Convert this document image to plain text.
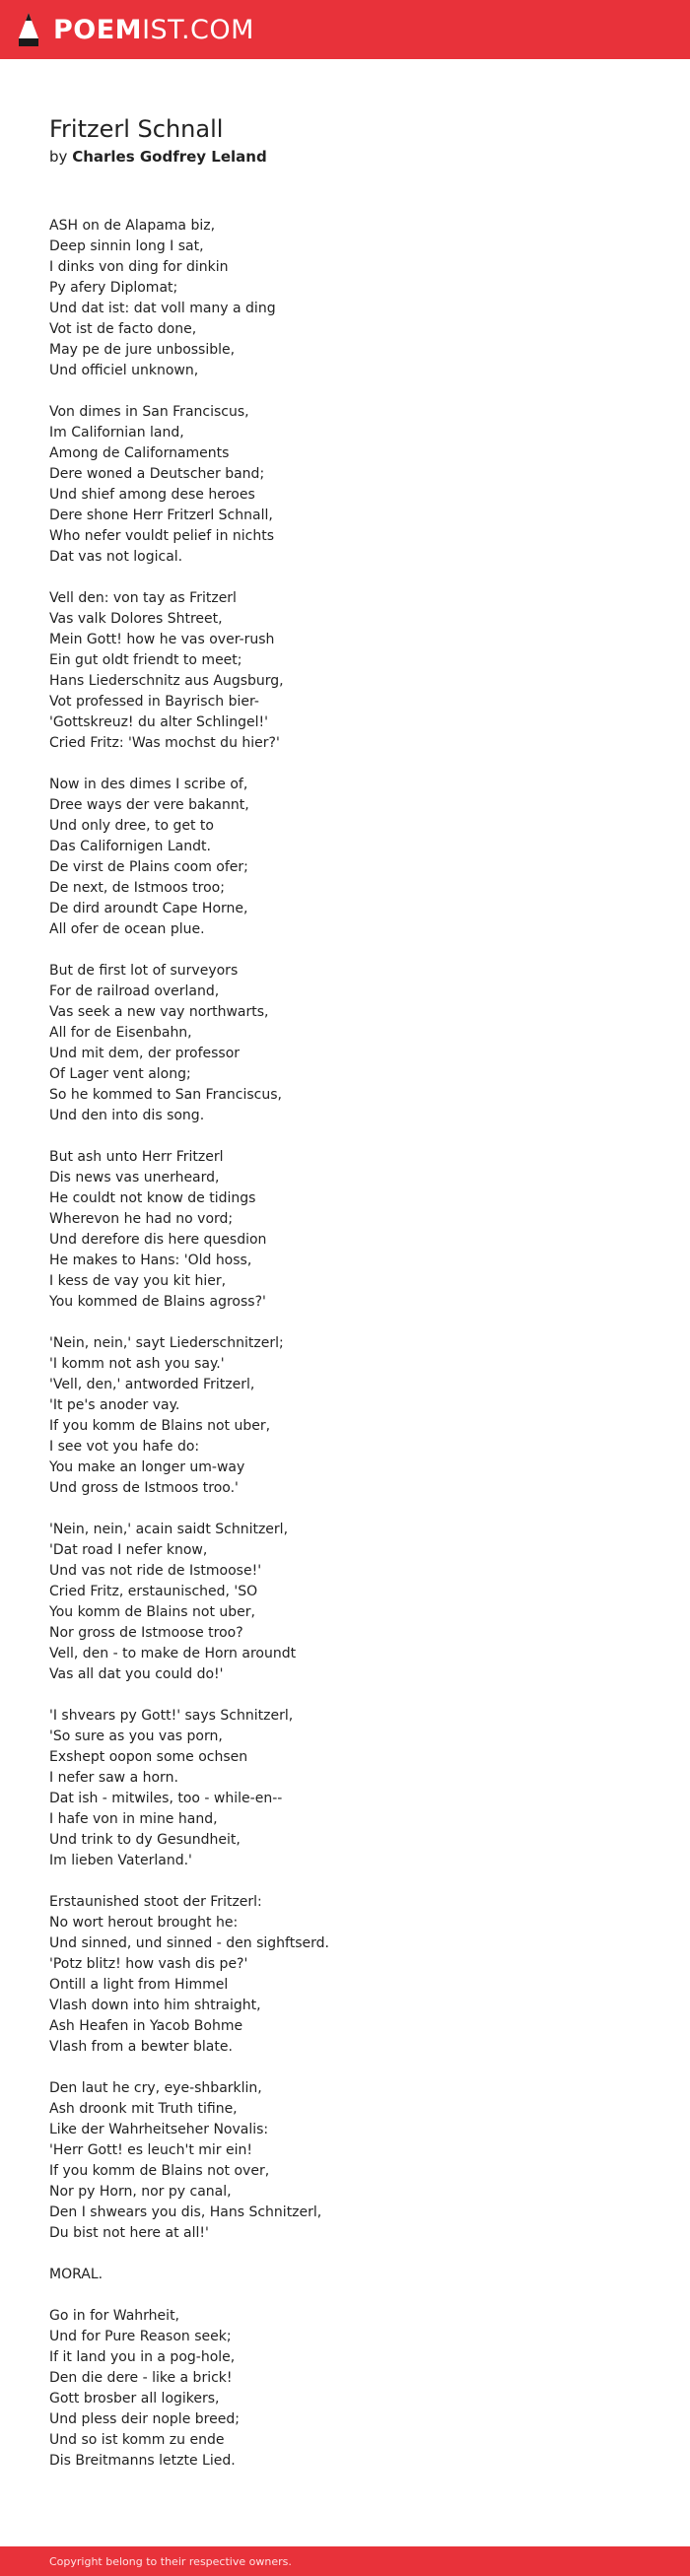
POEMIST.COM
Fritzerl Schnall
by Charles Godfrey Leland
ASH on de Alapama biz,
Deep sinnin long I sat,
I dinks von ding for dinkin
Py afery Diplomat;
Und dat ist: dat voll many a ding
Vot ist de facto done,
May pe de jure unbossible,
Und officiel unknown,
Von dimes in San Franciscus,
Im Californian land,
Among de Californaments
Dere woned a Deutscher band;
Und shief among dese heroes
Dere shone Herr Fritzerl Schnall,
Who nefer vouldt pelief in nichts
Dat vas not logical.
Vell den: von tay as Fritzerl
Vas valk Dolores Shtreet,
Mein Gott! how he vas over-rush
Ein gut oldt friendt to meet;
Hans Liederschnitz aus Augsburg,
Vot professed in Bayrisch bier-
'Gottskreuz! du alter Schlingel!'
Cried Fritz: 'Was mochst du hier?'
Now in des dimes I scribe of,
Dree ways der vere bakannt,
Und only dree, to get to
Das Californigen Landt.
De virst de Plains coom ofer;
De next, de Istmoos troo;
De dird aroundt Cape Horne,
All ofer de ocean plue.
But de first lot of surveyors
For de railroad overland,
Vas seek a new vay northwarts,
All for de Eisenbahn,
Und mit dem, der professor
Of Lager vent along;
So he kommed to San Franciscus,
Und den into dis song.
But ash unto Herr Fritzerl
Dis news vas unerheard,
He couldt not know de tidings
Wherevon he had no vord;
Und derefore dis here quesdion
He makes to Hans: 'Old hoss,
I kess de vay you kit hier,
You kommed de Blains agross?'
'Nein, nein,' sayt Liederschnitzerl;
'I komm not ash you say.'
'Vell, den,' antworded Fritzerl,
'It pe's anoder vay.
If you komm de Blains not uber,
I see vot you hafe do:
You make an longer um-way
Und gross de Istmoos troo.'
'Nein, nein,' acain saidt Schnitzerl,
'Dat road I nefer know,
Und vas not ride de Istmoose!'
Cried Fritz, erstaunisched, 'SO
You komm de Blains not uber,
Nor gross de Istmoose troo?
Vell, den - to make de Horn aroundt
Vas all dat you could do!'
'I shvears py Gott!' says Schnitzerl,
'So sure as you vas porn,
Exshept oopon some ochsen
I nefer saw a horn.
Dat ish - mitwiles, too - while-en--
I hafe von in mine hand,
Und trink to dy Gesundheit,
Im lieben Vaterland.'
Erstaunished stoot der Fritzerl:
No wort herout brought he:
Und sinned, und sinned - den sighftserd.
'Potz blitz! how vash dis pe?'
Ontill a light from Himmel
Vlash down into him shtraight,
Ash Heafen in Yacob Bohme
Vlash from a bewter blate.
Den laut he cry, eye-shbarklin,
Ash droonk mit Truth tifine,
Like der Wahrheitseher Novalis:
'Herr Gott! es leuch't mir ein!
If you komm de Blains not over,
Nor py Horn, nor py canal,
Den I shwears you dis, Hans Schnitzerl,
Du bist not here at all!'
MORAL.
Go in for Wahrheit,
Und for Pure Reason seek;
If it land you in a pog-hole,
Den die dere - like a brick!
Gott brosber all logikers,
Und pless deir nople breed;
Und so ist komm zu ende
Dis Breitmanns letzte Lied.
Copyright belong to their respective owners.
